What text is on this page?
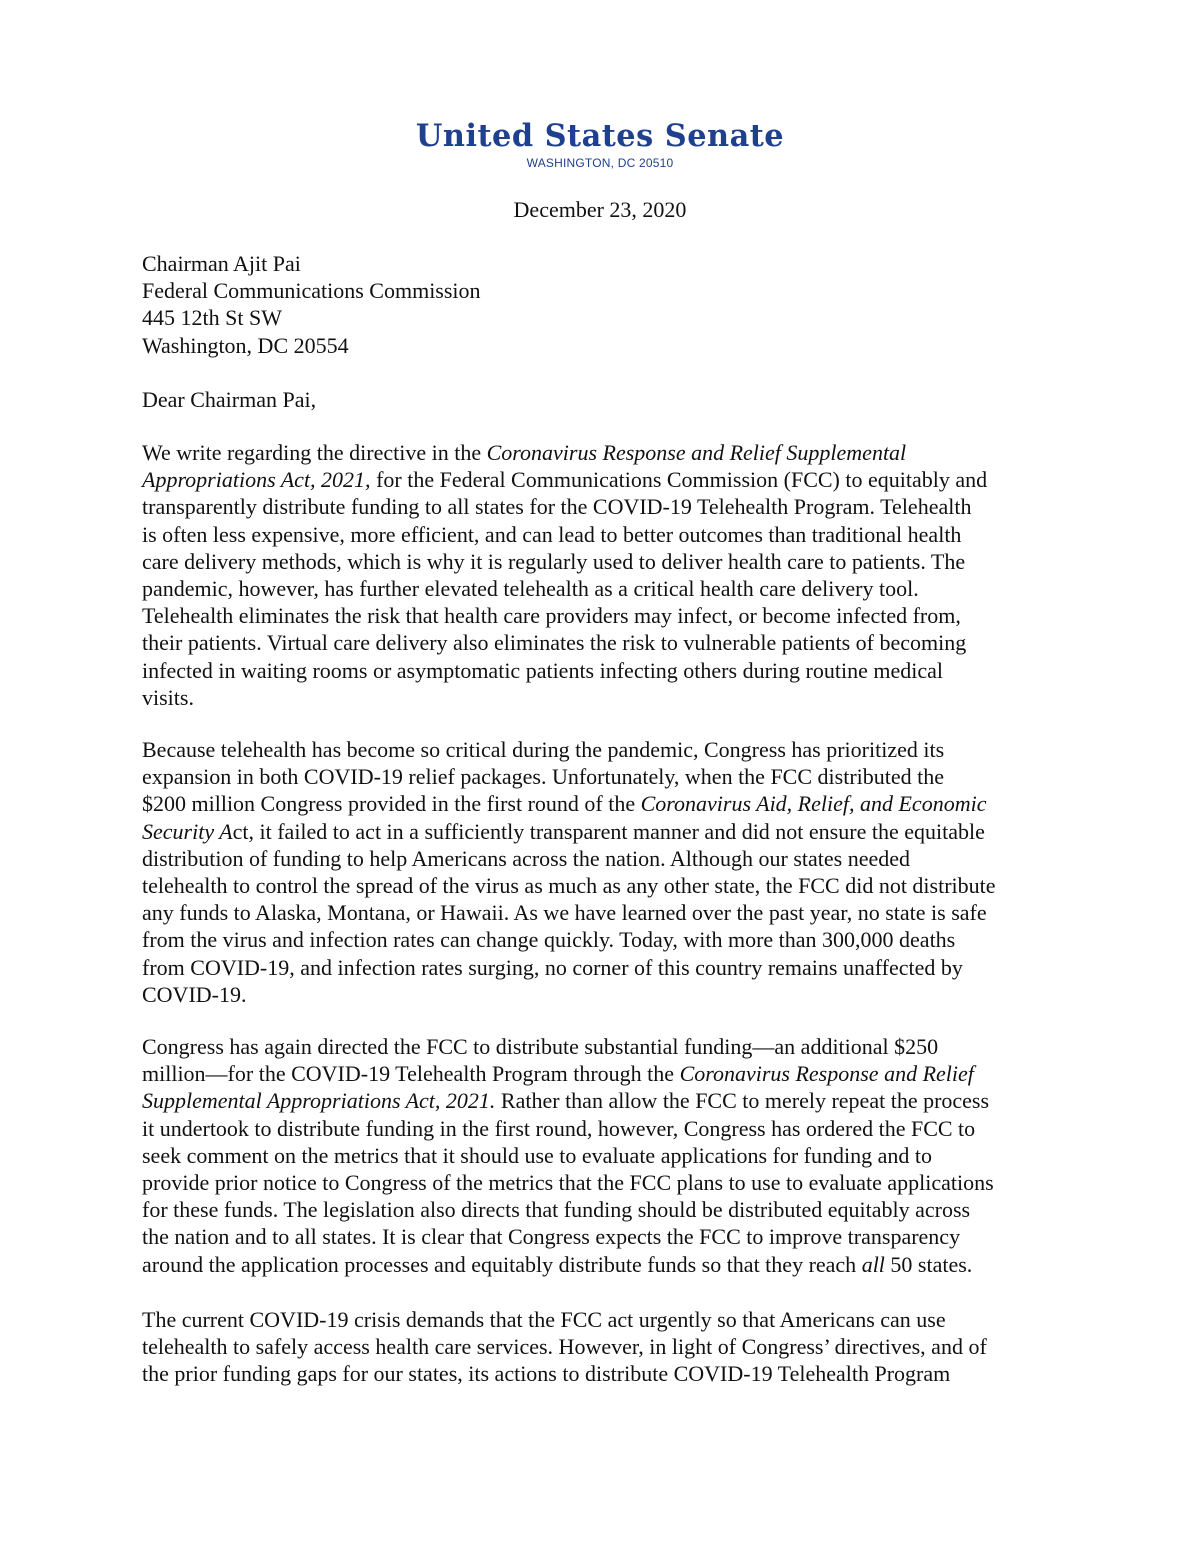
United States Senate
WASHINGTON, DC 20510
December 23, 2020
Chairman Ajit Pai
Federal Communications Commission
445 12th St SW
Washington, DC 20554
Dear Chairman Pai,
We write regarding the directive in the Coronavirus Response and Relief Supplemental
Appropriations Act, 2021, for the Federal Communications Commission (FCC) to equitably and
transparently distribute funding to all states for the COVID-19 Telehealth Program. Telehealth
is often less expensive, more efficient, and can lead to better outcomes than traditional health
care delivery methods, which is why it is regularly used to deliver health care to patients. The
pandemic, however, has further elevated telehealth as a critical health care delivery tool.
Telehealth eliminates the risk that health care providers may infect, or become infected from,
their patients. Virtual care delivery also eliminates the risk to vulnerable patients of becoming
infected in waiting rooms or asymptomatic patients infecting others during routine medical
visits.
Because telehealth has become so critical during the pandemic, Congress has prioritized its
expansion in both COVID-19 relief packages. Unfortunately, when the FCC distributed the
$200 million Congress provided in the first round of the Coronavirus Aid, Relief, and Economic
Security Act, it failed to act in a sufficiently transparent manner and did not ensure the equitable
distribution of funding to help Americans across the nation. Although our states needed
telehealth to control the spread of the virus as much as any other state, the FCC did not distribute
any funds to Alaska, Montana, or Hawaii. As we have learned over the past year, no state is safe
from the virus and infection rates can change quickly. Today, with more than 300,000 deaths
from COVID-19, and infection rates surging, no corner of this country remains unaffected by
COVID-19.
Congress has again directed the FCC to distribute substantial funding—an additional $250
million—for the COVID-19 Telehealth Program through the Coronavirus Response and Relief
Supplemental Appropriations Act, 2021. Rather than allow the FCC to merely repeat the process
it undertook to distribute funding in the first round, however, Congress has ordered the FCC to
seek comment on the metrics that it should use to evaluate applications for funding and to
provide prior notice to Congress of the metrics that the FCC plans to use to evaluate applications
for these funds. The legislation also directs that funding should be distributed equitably across
the nation and to all states. It is clear that Congress expects the FCC to improve transparency
around the application processes and equitably distribute funds so that they reach all 50 states.
The current COVID-19 crisis demands that the FCC act urgently so that Americans can use
telehealth to safely access health care services. However, in light of Congress’ directives, and of
the prior funding gaps for our states, its actions to distribute COVID-19 Telehealth Program
